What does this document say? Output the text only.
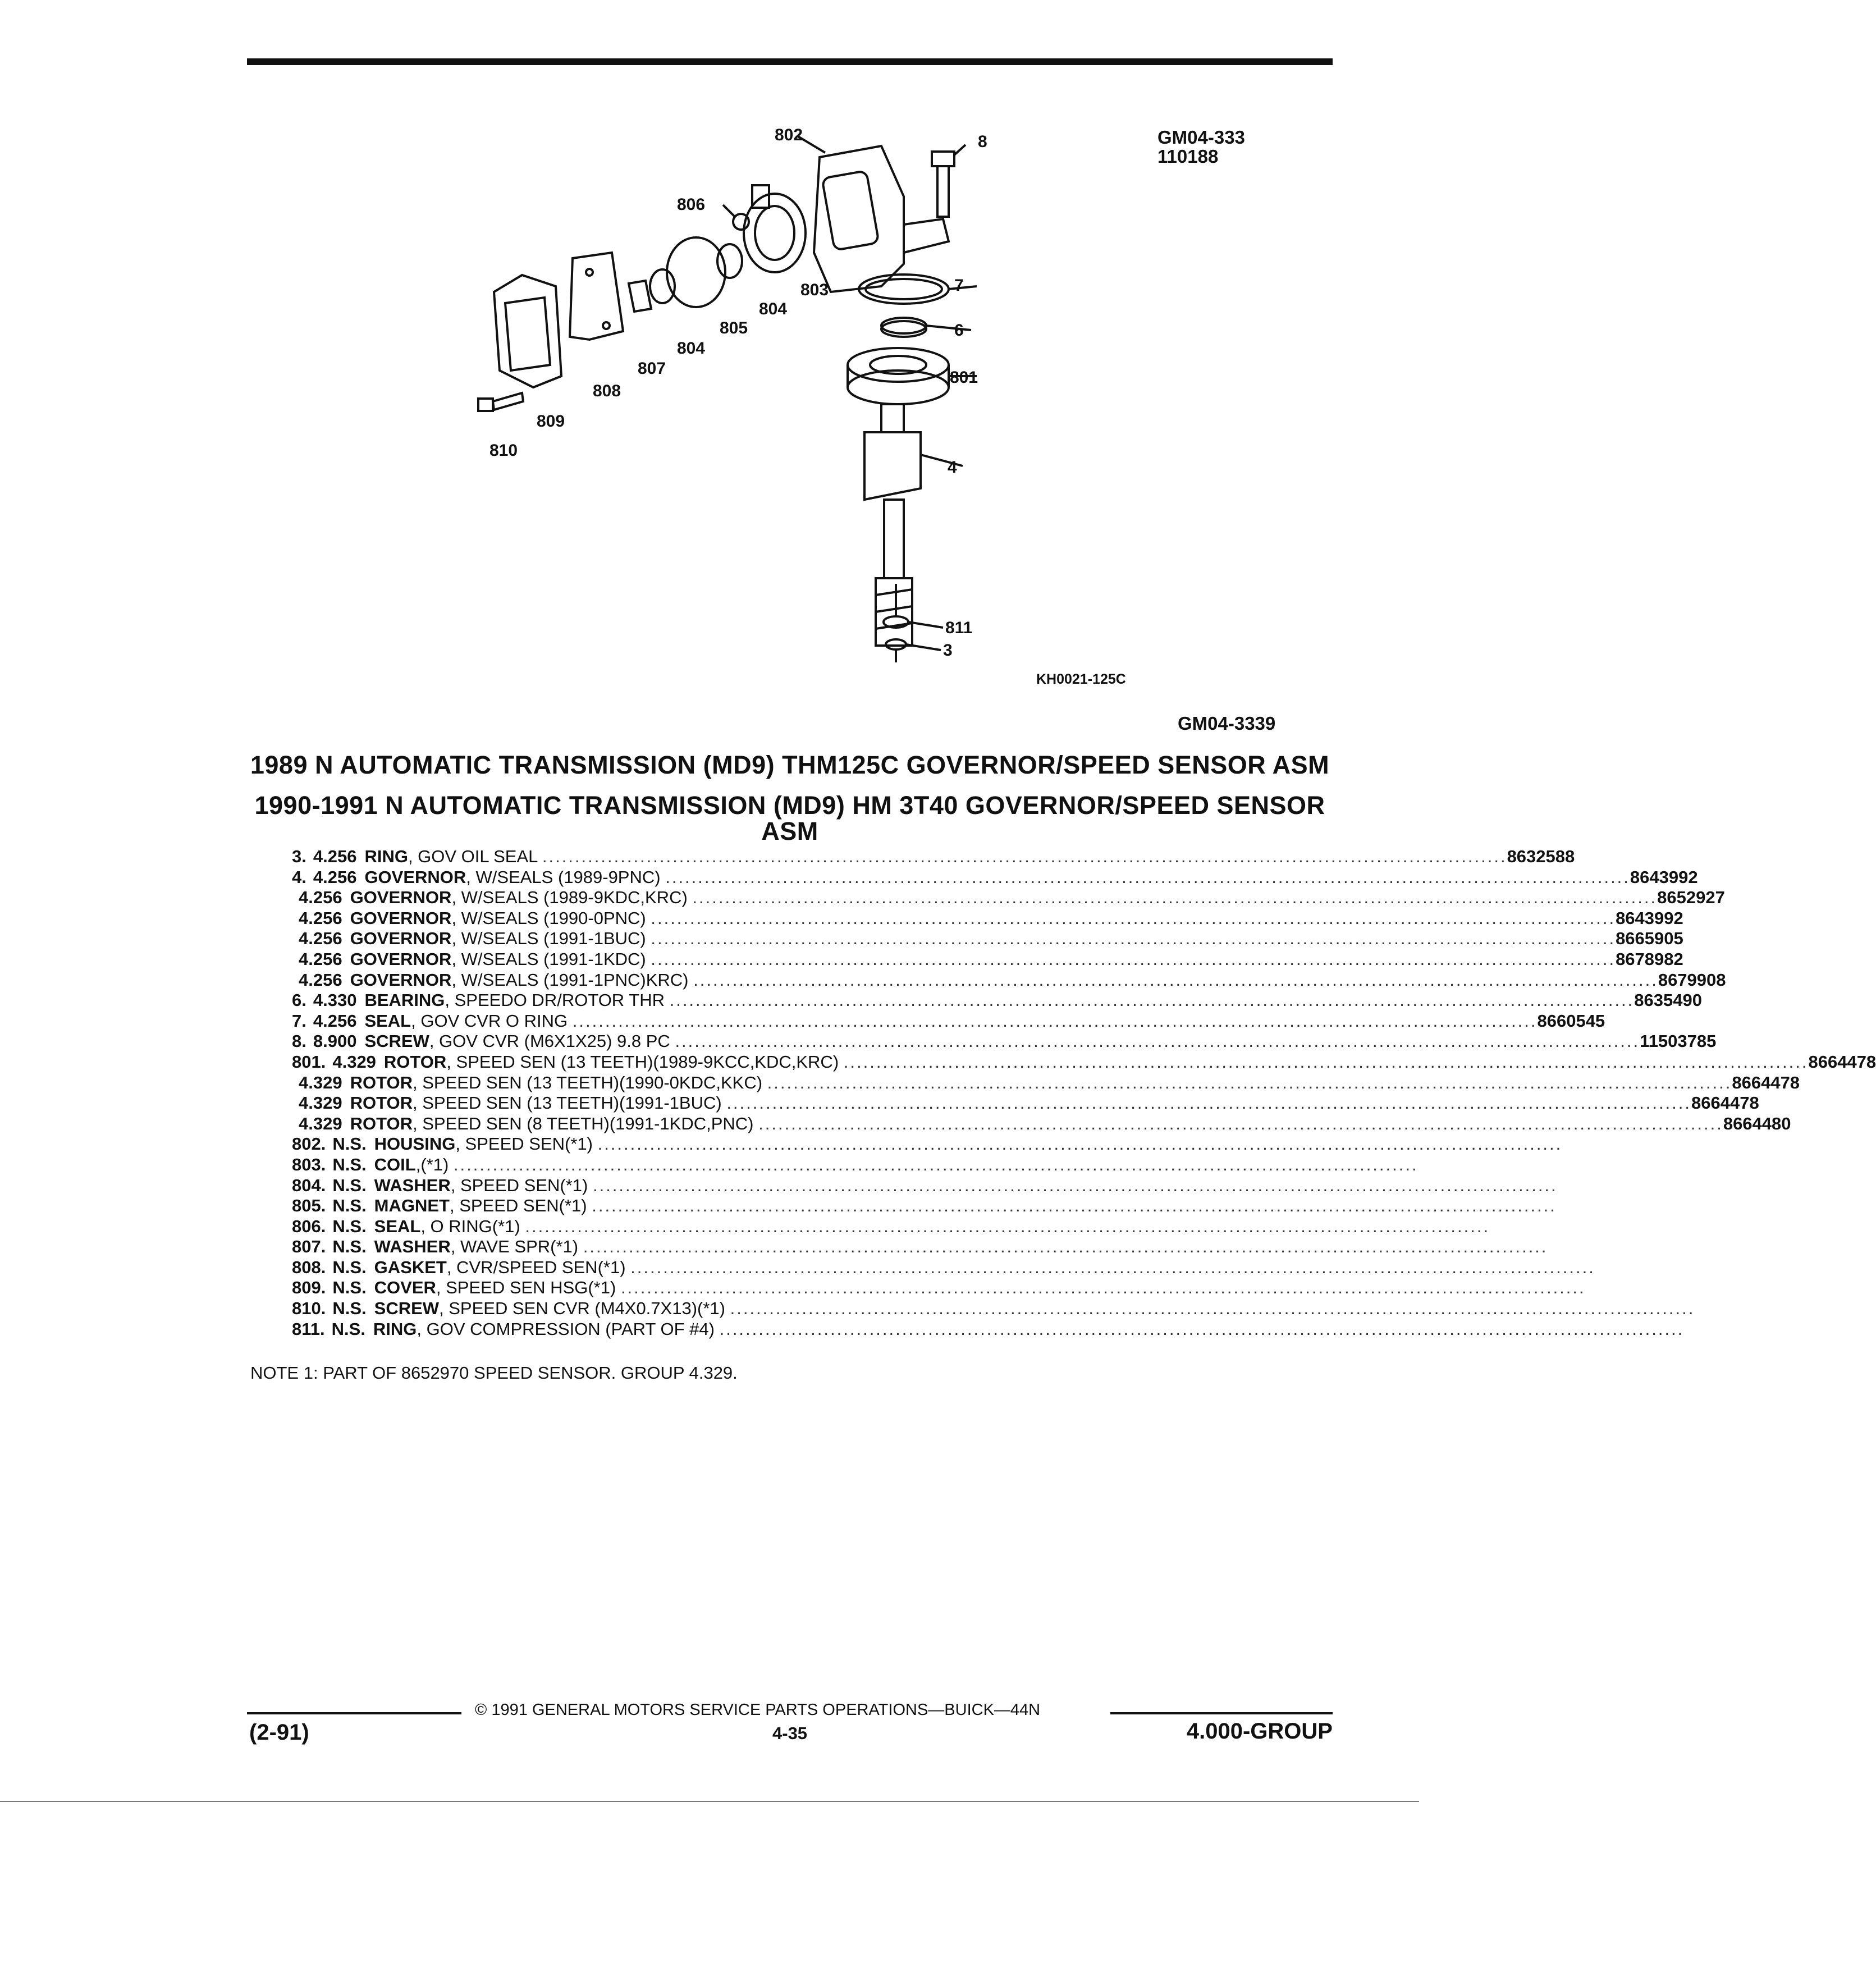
GM04-333
110188
802	8
806
803	7
804
805	6
804
807	801
808
809
810
4
811
3
KH0021-125C
GM04-3339
1989 N AUTOMATIC TRANSMISSION (MD9) THM125C GOVERNOR/SPEED SENSOR ASM
1990-1991 N AUTOMATIC TRANSMISSION (MD9) HM 3T40 GOVERNOR/SPEED SENSOR ASM
3. 4.256 RING, GOV OIL SEAL .................................................................................................................................................... 8632588
4. 4.256 GOVERNOR, W/SEALS (1989-9PNC) .................................................................................................................................................... 8643992
4.256 GOVERNOR, W/SEALS (1989-9KDC,KRC) .................................................................................................................................................... 8652927
4.256 GOVERNOR, W/SEALS (1990-0PNC) .................................................................................................................................................... 8643992
4.256 GOVERNOR, W/SEALS (1991-1BUC) .................................................................................................................................................... 8665905
4.256 GOVERNOR, W/SEALS (1991-1KDC) .................................................................................................................................................... 8678982
4.256 GOVERNOR, W/SEALS (1991-1PNC)KRC) .................................................................................................................................................... 8679908
6. 4.330 BEARING, SPEEDO DR/ROTOR THR .................................................................................................................................................... 8635490
7. 4.256 SEAL, GOV CVR O RING .................................................................................................................................................... 8660545
8. 8.900 SCREW, GOV CVR (M6X1X25) 9.8 PC .................................................................................................................................................... 11503785
801. 4.329 ROTOR, SPEED SEN (13 TEETH)(1989-9KCC,KDC,KRC) .................................................................................................................................................... 8664478
4.329 ROTOR, SPEED SEN (13 TEETH)(1990-0KDC,KKC) .................................................................................................................................................... 8664478
4.329 ROTOR, SPEED SEN (13 TEETH)(1991-1BUC) .................................................................................................................................................... 8664478
4.329 ROTOR, SPEED SEN (8 TEETH)(1991-1KDC,PNC) .................................................................................................................................................... 8664480
802. N.S. HOUSING, SPEED SEN(*1) ....................................................................................................................................................
803. N.S. COIL,(*1) ....................................................................................................................................................
804. N.S. WASHER, SPEED SEN(*1) ....................................................................................................................................................
805. N.S. MAGNET, SPEED SEN(*1) ....................................................................................................................................................
806. N.S. SEAL, O RING(*1) ....................................................................................................................................................
807. N.S. WASHER, WAVE SPR(*1) ....................................................................................................................................................
808. N.S. GASKET, CVR/SPEED SEN(*1) ....................................................................................................................................................
809. N.S. COVER, SPEED SEN HSG(*1) ....................................................................................................................................................
810. N.S. SCREW, SPEED SEN CVR (M4X0.7X13)(*1) ....................................................................................................................................................
811. N.S. RING, GOV COMPRESSION (PART OF #4) ....................................................................................................................................................
NOTE 1: PART OF 8652970 SPEED SENSOR. GROUP 4.329.
© 1991 GENERAL MOTORS SERVICE PARTS OPERATIONS—BUICK—44N
(2-91)	4-35	4.000-GROUP
